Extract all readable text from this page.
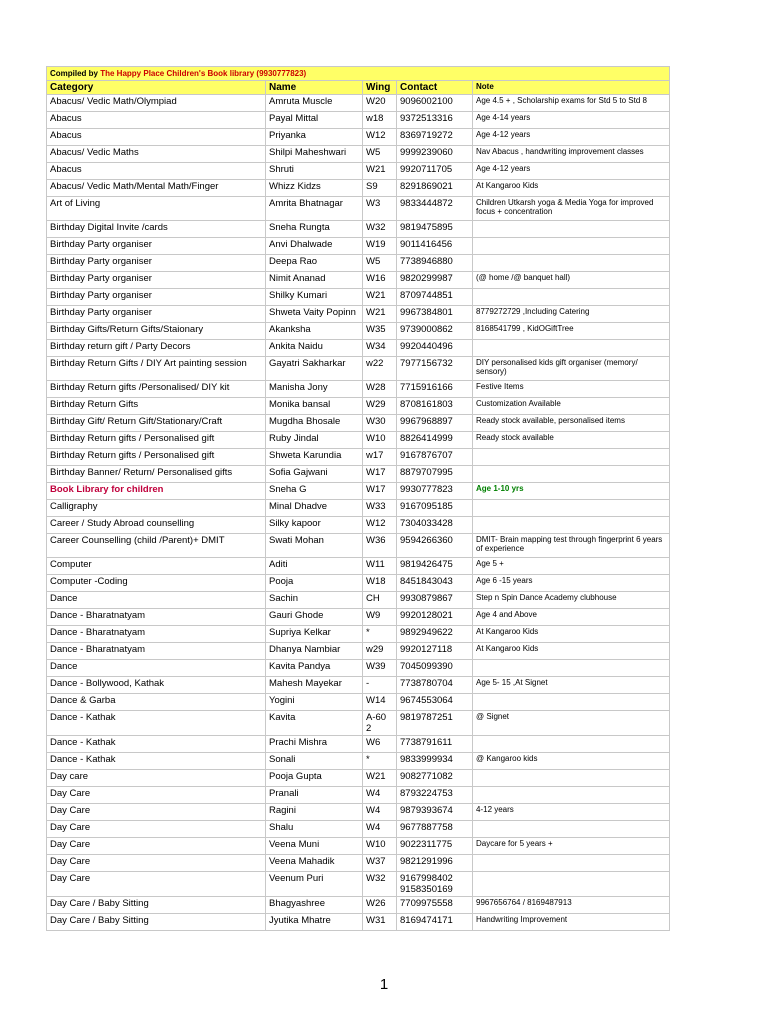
Compiled by The Happy Place Children's Book library (9930777823)				
Category	Name	Wing	Contact	Note
Abacus/ Vedic Math/Olympiad	Amruta Muscle	W20	9096002100	Age 4.5 + , Scholarship exams for Std 5 to Std 8
Abacus	Payal Mittal	w18	9372513316	Age 4-14 years
Abacus	Priyanka	W12	8369719272	Age 4-12 years
Abacus/ Vedic Maths	Shilpi Maheshwari	W5	9999239060	Nav Abacus , handwriting improvement classes
Abacus	Shruti	W21	9920711705	Age 4-12 years
Abacus/ Vedic Math/Mental Math/Finger	Whizz Kidzs	S9	8291869021	At Kangaroo Kids
Art of Living	Amrita Bhatnagar	W3	9833444872	Children Utkarsh yoga & Media Yoga for improved focus + concentration
Birthday Digital Invite /cards	Sneha Rungta	W32	9819475895	
Birthday Party organiser	Anvi Dhalwade	W19	9011416456	
Birthday Party organiser	Deepa Rao	W5	7738946880	
Birthday Party organiser	Nimit Ananad	W16	9820299987	(@ home /@ banquet hall)
Birthday Party organiser	Shilky Kumari	W21	8709744851	
Birthday Party organiser	Shweta Vaity Popinn	W21	9967384801	8779272729 ,Including Catering
Birthday Gifts/Return Gifts/Staionary	Akanksha	W35	9739000862	8168541799 , KidOGiftTree
Birthday return gift / Party Decors	Ankita Naidu	W34	9920440496	
Birthday Return Gifts / DIY Art painting session	Gayatri Sakharkar	w22	7977156732	DIY personalised kids gift organiser (memory/ sensory)
Birthday Return gifts /Personalised/ DIY kit	Manisha Jony	W28	7715916166	Festive Items
Birthday Return Gifts	Monika bansal	W29	8708161803	Customization Available
Birthday Gift/ Return Gift/Stationary/Craft	Mugdha Bhosale	W30	9967968897	Ready stock available, personalised items
Birthday Return gifts / Personalised gift	Ruby Jindal	W10	8826414999	Ready stock available
Birthday Return gifts / Personalised gift	Shweta Karundia	w17	9167876707	
Birthday Banner/ Return/ Personalised gifts	Sofia Gajwani	W17	8879707995	
Book Library for children	Sneha G	W17	9930777823	Age 1-10 yrs
Calligraphy	Minal Dhadve	W33	9167095185	
Career / Study Abroad counselling	Silky kapoor	W12	7304033428	
Career Counselling (child /Parent)+ DMIT	Swati Mohan	W36	9594266360	DMIT- Brain mapping test through fingerprint 6 years of experience
Computer	Aditi	W11	9819426475	Age 5 +
Computer -Coding	Pooja	W18	8451843043	Age 6 -15 years
Dance	Sachin	CH	9930879867	Step n Spin Dance Academy clubhouse
Dance - Bharatnatyam	Gauri Ghode	W9	9920128021	Age 4 and Above
Dance - Bharatnatyam	Supriya Kelkar	*	9892949622	At Kangaroo Kids
Dance - Bharatnatyam	Dhanya Nambiar	w29	9920127118	At Kangaroo Kids
Dance	Kavita Pandya	W39	7045099390	
Dance - Bollywood, Kathak	Mahesh Mayekar	-	7738780704	Age 5- 15 ,At Signet
Dance & Garba	Yogini	W14	9674553064	
Dance - Kathak	Kavita	A-60 2	9819787251	@ Signet
Dance - Kathak	Prachi Mishra	W6	7738791611	
Dance - Kathak	Sonali	*	9833999934	@ Kangaroo kids
Day care	Pooja Gupta	W21	9082771082	
Day Care	Pranali	W4	8793224753	
Day Care	Ragini	W4	9879393674	4-12 years
Day Care	Shalu	W4	9677887758	
Day Care	Veena Muni	W10	9022311775	Daycare for 5 years +
Day Care	Veena Mahadik	W37	9821291996	
Day Care	Veenum Puri	W32	9167998402 9158350169	
Day Care / Baby Sitting	Bhagyashree	W26	7709975558	9967656764 / 8169487913
Day Care / Baby Sitting	Jyutika Mhatre	W31	8169474171	Handwriting Improvement
1
